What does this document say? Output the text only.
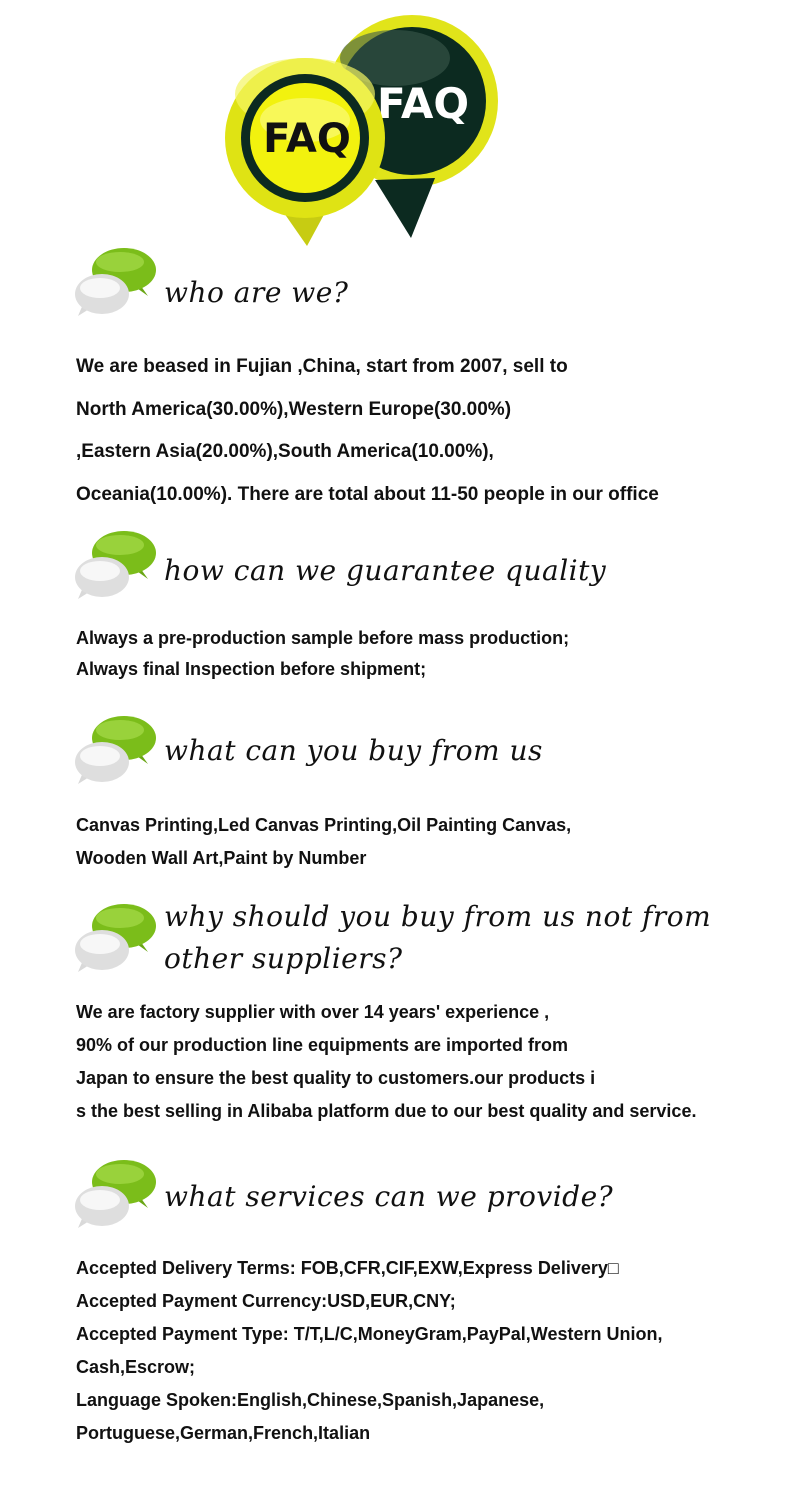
FAQ
FAQ
who are we?
We are beased in Fujian ,China, start from 2007, sell to
North America(30.00%),Western Europe(30.00%)
,Eastern Asia(20.00%),South America(10.00%),
Oceania(10.00%). There are total about 11-50 people in our office
how can we guarantee quality
Always a pre-production sample before mass production;
Always final Inspection before shipment;
what can you buy from us
Canvas Printing,Led Canvas Printing,Oil Painting Canvas,
Wooden Wall Art,Paint by Number
why should you buy from us not from
other suppliers?
We are factory supplier with over 14 years' experience ,
90% of our production line equipments are imported from
Japan to ensure the best quality to customers.our products i
s the best selling in Alibaba platform due to our best quality and service.
what services can we provide?
Accepted Delivery Terms: FOB,CFR,CIF,EXW,Express Delivery□
Accepted Payment Currency:USD,EUR,CNY;
Accepted Payment Type: T/T,L/C,MoneyGram,PayPal,Western Union,
Cash,Escrow;
Language Spoken:English,Chinese,Spanish,Japanese,
Portuguese,German,French,Italian
